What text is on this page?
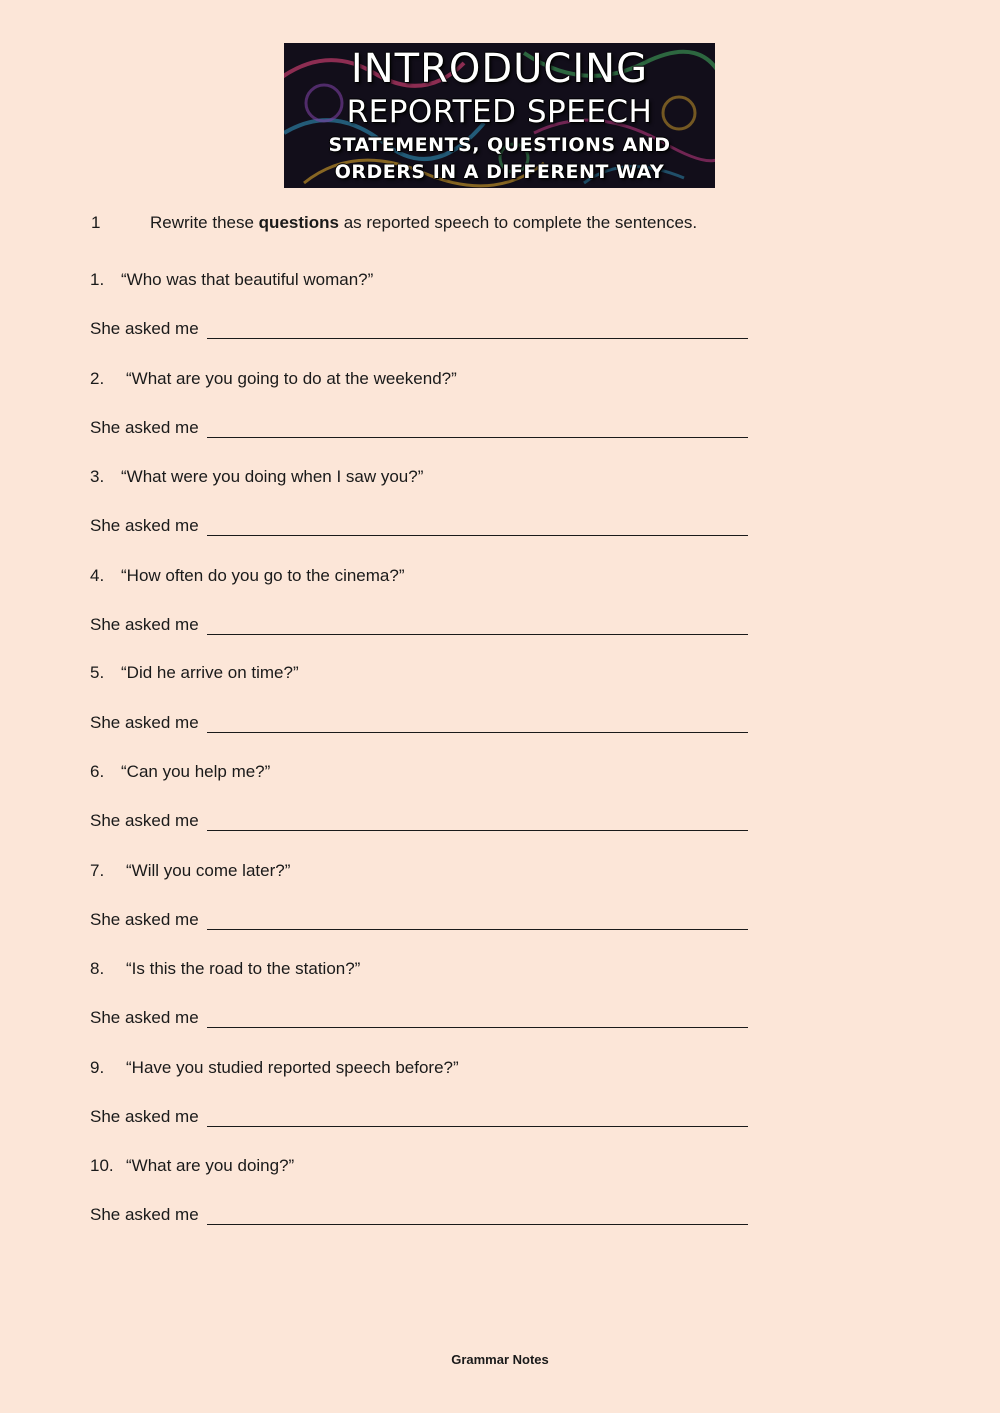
INTRODUCING
REPORTED SPEECH
STATEMENTS, QUESTIONS AND
ORDERS IN A DIFFERENT WAY
1	Rewrite these questions as reported speech to complete the sentences.
1. “Who was that beautiful woman?”
She asked me
2. “What are you going to do at the weekend?”
She asked me
3. “What were you doing when I saw you?”
She asked me
4. “How often do you go to the cinema?”
She asked me
5. “Did he arrive on time?”
She asked me
6. “Can you help me?”
She asked me
7. “Will you come later?”
She asked me
8. “Is this the road to the station?”
She asked me
9. “Have you studied reported speech before?”
She asked me
10. “What are you doing?”
She asked me
Grammar Notes
